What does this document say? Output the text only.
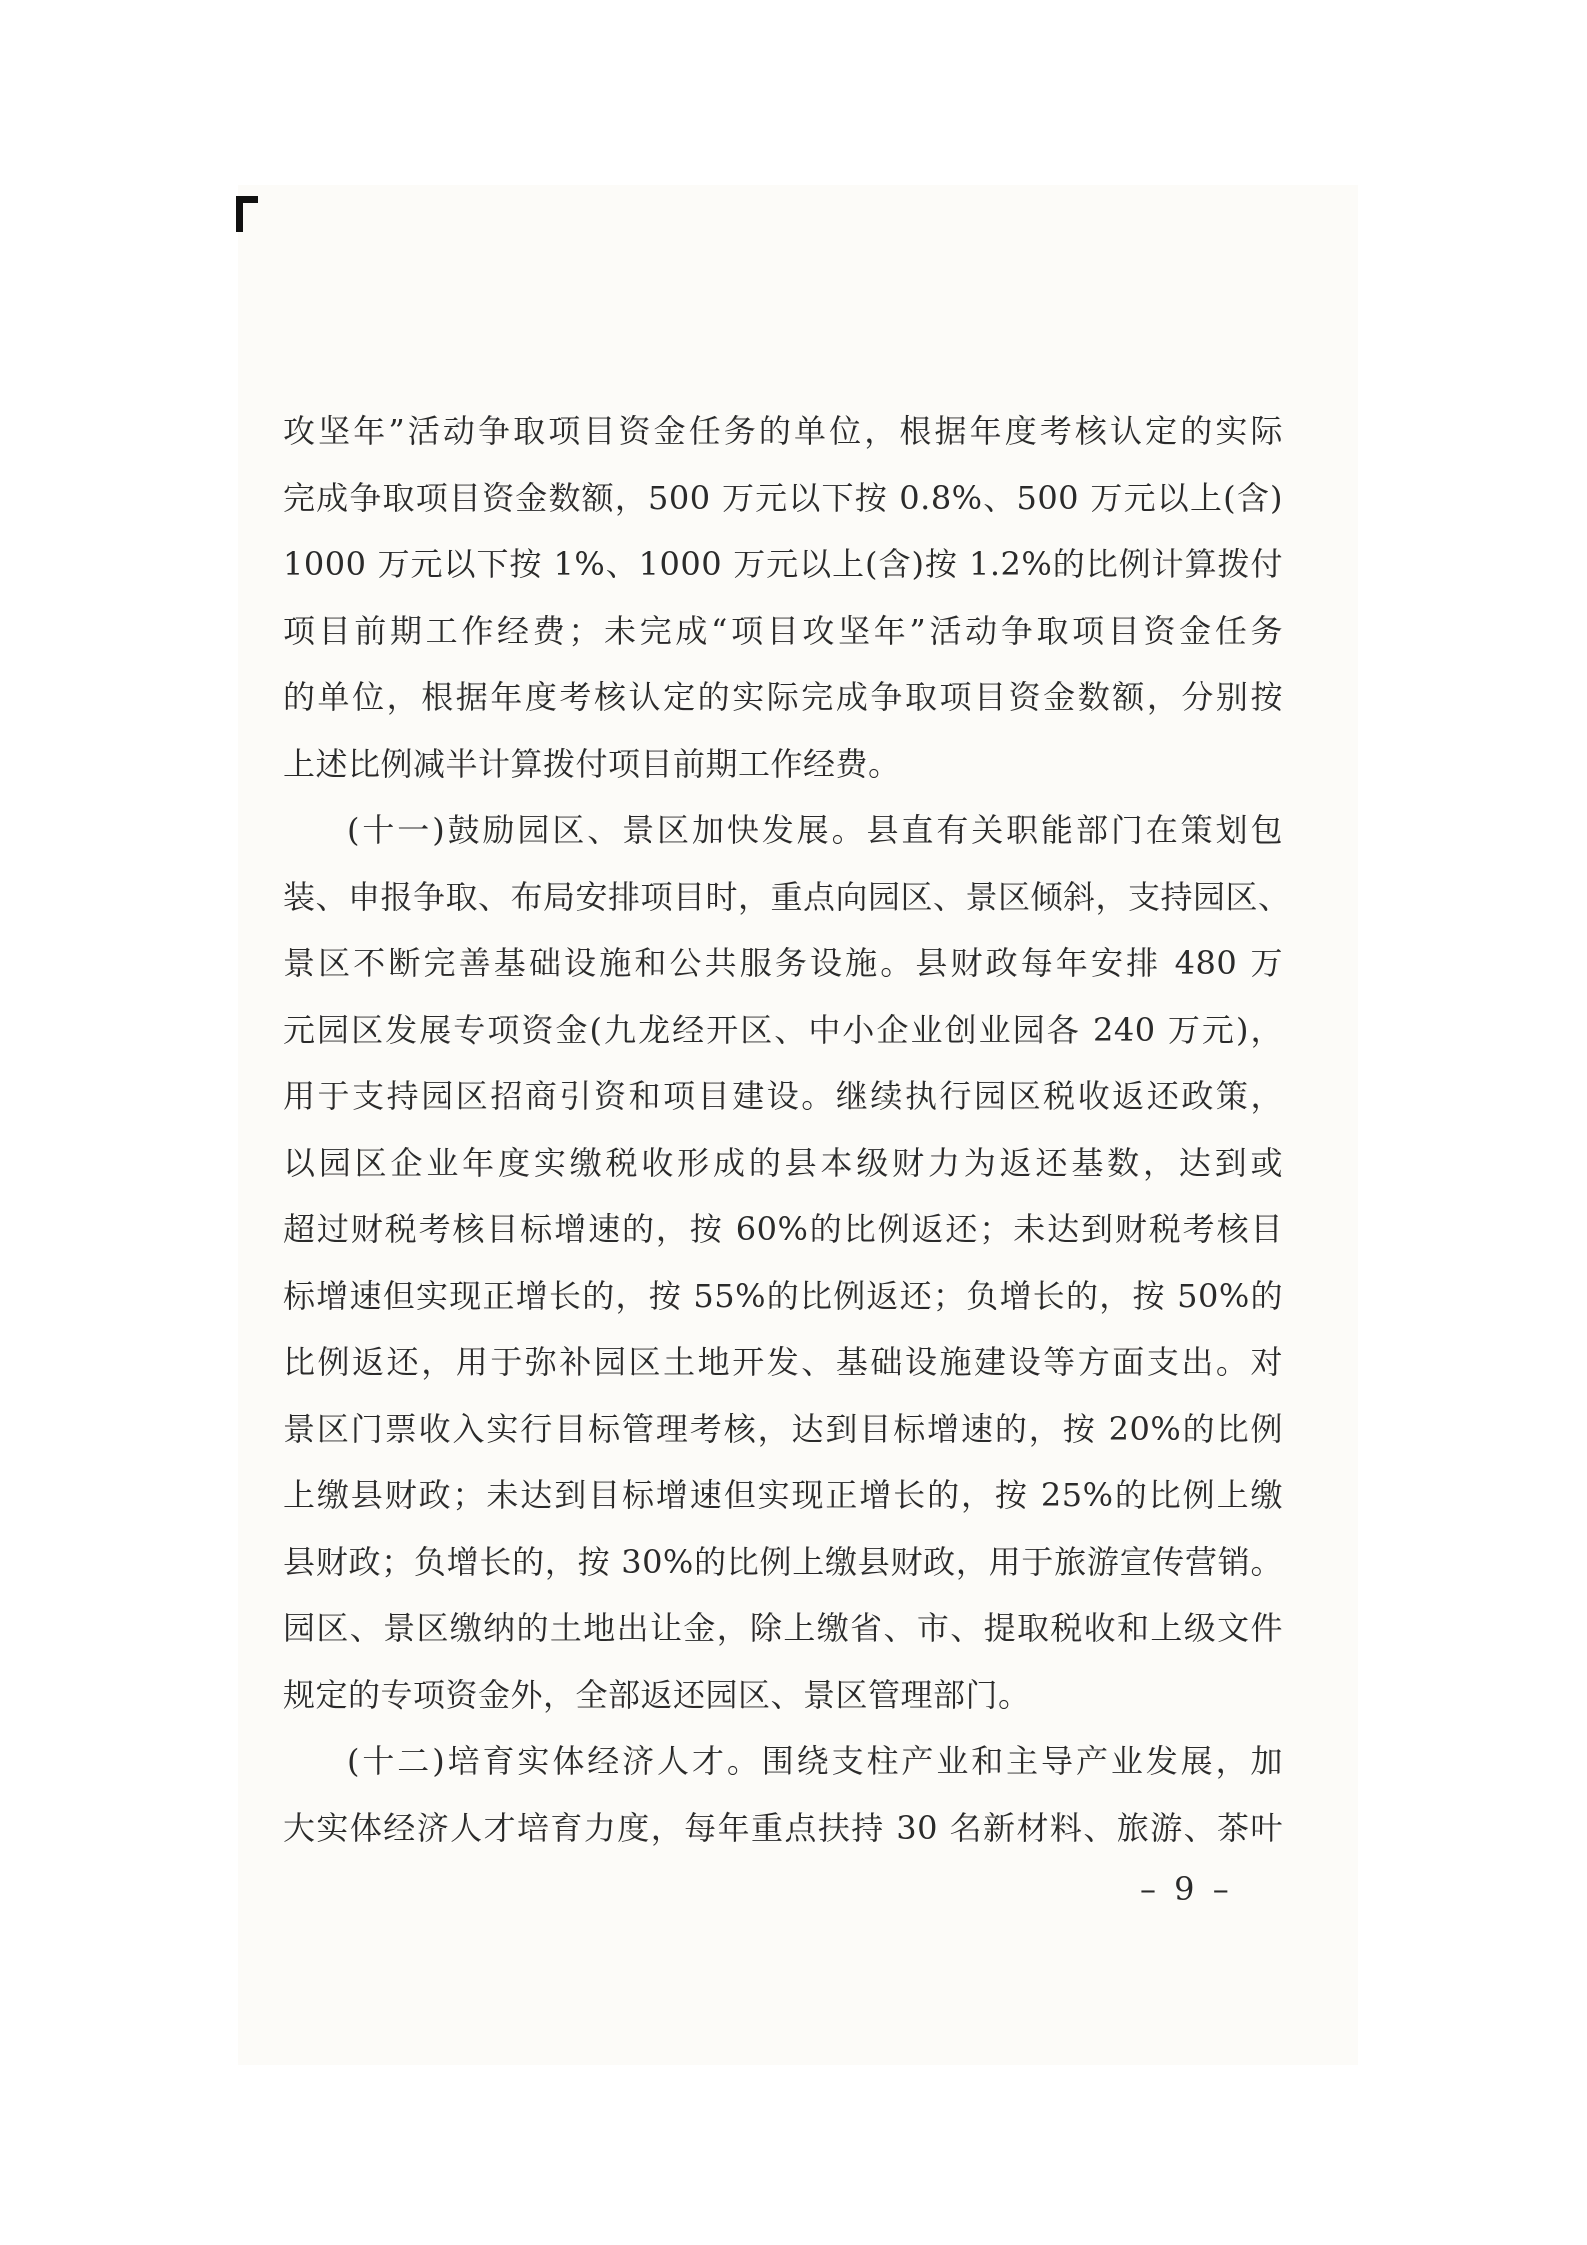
攻坚年”活动争取项目资金任务的单位，根据年度考核认定的实际
完成争取项目资金数额，500 万元以下按 0.8%、500 万元以上(含)
1000 万元以下按 1%、1000 万元以上(含)按 1.2%的比例计算拨付
项目前期工作经费；未完成“项目攻坚年”活动争取项目资金任务
的单位，根据年度考核认定的实际完成争取项目资金数额，分别按
上述比例减半计算拨付项目前期工作经费。
(十一)鼓励园区、景区加快发展。县直有关职能部门在策划包
装、申报争取、布局安排项目时，重点向园区、景区倾斜，支持园区、
景区不断完善基础设施和公共服务设施。县财政每年安排 480 万
元园区发展专项资金(九龙经开区、中小企业创业园各 240 万元)，
用于支持园区招商引资和项目建设。继续执行园区税收返还政策，
以园区企业年度实缴税收形成的县本级财力为返还基数，达到或
超过财税考核目标增速的，按 60%的比例返还；未达到财税考核目
标增速但实现正增长的，按 55%的比例返还；负增长的，按 50%的
比例返还，用于弥补园区土地开发、基础设施建设等方面支出。对
景区门票收入实行目标管理考核，达到目标增速的，按 20%的比例
上缴县财政；未达到目标增速但实现正增长的，按 25%的比例上缴
县财政；负增长的，按 30%的比例上缴县财政，用于旅游宣传营销。
园区、景区缴纳的土地出让金，除上缴省、市、提取税收和上级文件
规定的专项资金外，全部返还园区、景区管理部门。
(十二)培育实体经济人才。围绕支柱产业和主导产业发展，加
大实体经济人才培育力度，每年重点扶持 30 名新材料、旅游、茶叶
– 9 –
